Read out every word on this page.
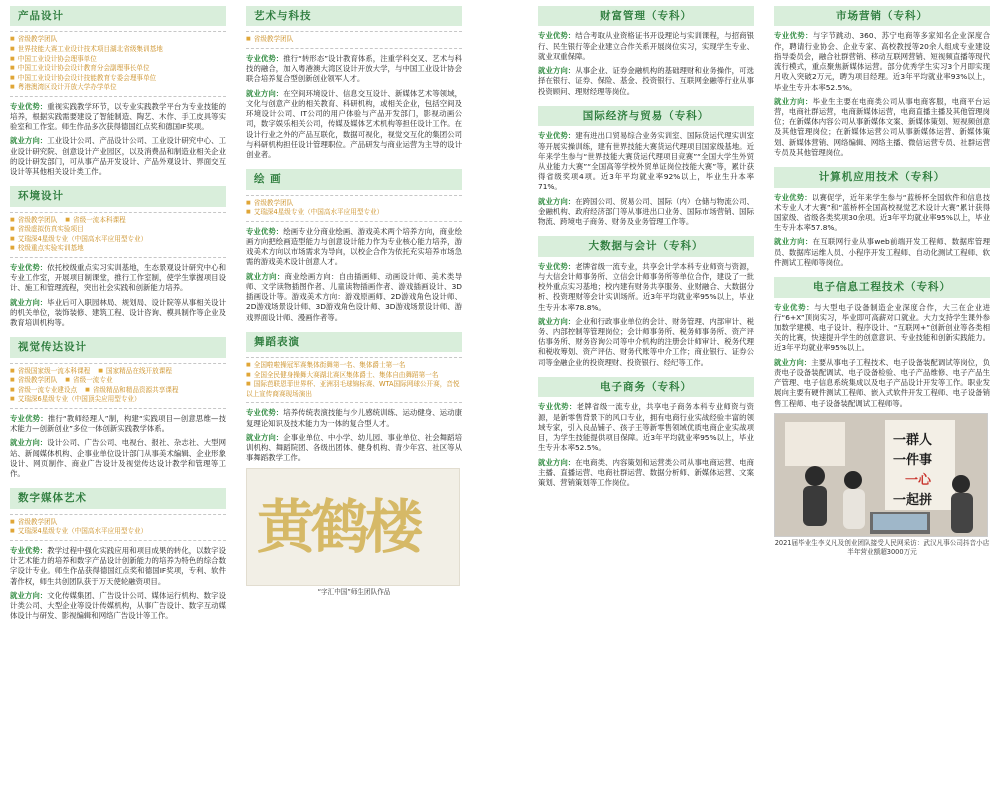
产品设计
■ 省级教学团队
■ 世界技能大赛工业设计技术项目湖北省级集训基地
■ 中国工业设计协会理事单位
■ 中国工业设计协会设计教育分会副理事长单位
■ 中国工业设计协会设计技能教育专委会理事单位
■ 粤港澳湾区设计开放大学办学单位

专业优势：重视实践教学环节，以专业实践教学平台为专业技能的培养，根据实践需要建设了智能制造、陶艺、木作、手工皮具等实验室和工作室。师生作品多次获得德国红点奖和德国IF奖项。

就业方向：工业设计公司、产品设计公司、工业设计研究中心、工业设计研究院、创意设计产业园区，以及消费品和制造业相关企业的设计研发部门，可从事产品开发设计、产品外观设计、界面交互设计等其他相关设计类工作。

环境设计
■ 省级教学团队	■ 省级一流本科课程
■ 省级虚拟仿真实验项目
■ 艾瑞深4星级专业（中国高水平应用型专业）
■ 校级重点实验实训基地

专业优势：依托校级重点实习实训基地，生态景观设计研究中心和专业工作室，开展项目制课堂，推行工作室制，使学生掌握项目设计、施工和管理流程，突出社会实践和创新能力培养。

就业方向：毕业后可入职园林局、规划局、设计院等从事相关设计的机关单位，装饰装修、建筑工程、设计咨询、模具制作等企业及教育培训机构等。

视觉传达设计
■ 省级国家级一流本科课程	■ 国家精品在线开放课程
■ 省级教学团队	■ 省级一流专业
■ 省级一流专业建设点	■ 省级精品和精品资源共享课程
■ 艾瑞深6星级专业（中国顶尖应用型专业）

专业优势：推行“教师经理人”制，构建“实践项目—创意思维—技术能力—创新创业”多位一体创新实践教学体系。

就业方向：设计公司、广告公司、电视台、报社、杂志社、大型网站、新闻媒体机构、企事业单位设计部门从事美术编辑、企业形象设计、网页制作、商业广告设计及视觉传达设计教学和管理等工作。

数字媒体艺术
■ 省级教学团队
■ 艾瑞深4星级专业（中国高水平应用型专业）

专业优势：教学过程中强化实践应用和项目成果的转化，以数字设计艺术能力的培养和数字产品设计创新能力的培养为特色的综合数字设计专业。师生作品获得德国红点奖和德国IF奖项，专利、软件著作权，师生共创团队获于万天使轮融资项目。

就业方向：文化传媒集团、广告设计公司、媒体运行机构、数字设计类公司、大型企业等设计传媒机构，从事广告设计、数字互动媒体设计与研发、影视编辑和网络广告设计等工作。

艺术与科技
■ 省级教学团队

专业优势：推行“转形态”设计教育体系，注重学科交叉、艺术与科技的融合，加入粤港澳大湾区设计开放大学，与中国工业设计协会联合培养复合型创新创业领军人才。

就业方向：在空间环境设计、信息交互设计、新媒体艺术等领域，文化与创意产业的相关教育、科研机构，或相关企业，包括空间及环境设计公司、IT公司的用户体验与产品开发部门，影视动画公司，数字娱乐相关公司，传媒及媒体艺术机构等担任设计工作。在设计行业之外的产品互联化，数据可视化，视觉交互化的集团公司与科研机构担任设计管理职位。产品研发与商业运营为主导的设计创业者。

绘 画
■ 省级教学团队
■ 艾瑞深4星级专业（中国高水平应用型专业）

专业优势：绘画专业分商业绘画、游戏美术两个培养方向，商业绘画方向把绘画造型能力与创意设计能力作为专业核心能力培养，游戏美术方向以市场需求为导向，以校企合作为依托充实培养市场急需的游戏美术设计创意人才。

就业方向：商业绘画方向：自由插画师、动画设计师、美术类导师、文学读物插图作者、儿童读物插画作者、游戏插画设计、3D插画设计等。游戏美术方向：游戏原画师、2D游戏角色设计师、2D游戏场景设计师、3D游戏角色设计师、3D游戏场景设计师、游戏界面设计师、漫画作者等。

舞蹈表演
■ 全国啦啦操冠军赛集体街舞第一名、集体爵士第一名
■ 全国全民健身操舞大赛湖北赛区集体爵士、集体自由舞蹈第一名
■ 国际芭联恩菲世界杯、亚洲羽毛球锦标赛、WTA国际网球公开赛，音悦以上宣传商赛现场演出

专业优势：培养传统表演技能与少儿感统训练、运动健身、运动康复理论知识及技术能力为一体的复合型人才。

就业方向：企事业单位、中小学、幼儿园、事业单位、社会舞蹈培训机构、舞蹈院团、各级出团体、健身机构、青少年宫、社区等从事舞蹈教学工作。

黄鹤楼
“字汇中国”师生团队作品
财富管理（专科）

专业优势：结合考取从业资格证书开设理论与实训课程，与招商银行、民生银行等企业建立合作关系开展岗位实习，实现学生专业、就业双重保障。

就业方向：从事企业、证券金融机构的基础理财和业务操作，可选择在银行、证券、保险、基金、投资银行、互联网金融等行业从事投资顾问、理财经理等岗位。

国际经济与贸易（专科）

专业优势：建有进出口贸易综合业务实训室、国际货运代理实训室等开展实操训练，建有世界技能大赛货运代理项目国家级基地。近年来学生参与“世界技能大赛货运代理项目竞赛”“全国大学生外贸从业能力大赛”“全国高等学校外贸单证岗位技能大赛”等，累计获得省级奖项4项。近3年平均就业率92%以上，毕业生升本率71%。

就业方向：在跨国公司、贸易公司、国际（内）仓储与物流公司、金融机构、政府经济部门等从事进出口业务、国际市场营销、国际物流、跨境电子商务、财务及业务管理工作等。

大数据与会计（专科）

专业优势：老牌省级一流专业，共享会计学本科专业师资与资源，与大信会计师事务所、立信会计师事务所等单位合作，建设了一批校外重点实习基地；校内建有财务共享服务、业财融合、大数据分析、投资理财等会计实训场所。近3年平均就业率95%以上，毕业生专升本率78.8%。

就业方向：企业和行政事业单位的会计、财务管理、内部审计、税务、内部控制等管理岗位；会计师事务所、税务师事务所、资产评估事务所、财务咨询公司等中介机构的注册会计师审计、税务代理和税收筹划、资产评估、财务代账等中介工作；商业银行、证券公司等金融企业的投资理财、投资银行、经纪等工作。

电子商务（专科）

专业优势：老牌省级一流专业，共享电子商务本科专业师资与资源，是新零售背景下的风口专业，拥有电商行业实战经验丰富的领域专家，引入良品铺子、孩子王等新零售领域优质电商企业实战项目，为学生技能提供项目保障。近3年平均就业率95%以上，毕业生专升本率52.5%。

就业方向：在电商类、内容策划和运营类公司从事电商运营、电商主播、直播运营、电商社群运营、数据分析师、新媒体运营、文案策划、营销策划等工作岗位。

市场营销（专科）

专业优势：与字节跳动、360、苏宁电商等多家知名企业深度合作，聘请行业协会、企业专家、高校教授等20余人组成专业建设指导委员会，融合社群营销、移动互联网营销、短视频直播等现代流行模式，重点聚焦新媒体运营。部分优秀学生实习3个月即实现月收入突破2万元，聘为项目经理。近3年平均就业率93%以上，毕业生专升本率52.5%。

就业方向：毕业生主要在电商类公司从事电商客服，电商平台运营，电商社群运营，电商新媒体运营，电商直播主播及其他管理岗位；在新媒体内容公司从事新媒体文案、新媒体策划、短视频创意及其他管理岗位；在新媒体运营公司从事新媒体运营、新媒体策划、新媒体营销、网络编辑、网络主播、微信运营专员、社群运营专员及其他管理岗位。

计算机应用技术（专科）

专业优势：以赛促学，近年来学生参与“蓝桥杯全国软件和信息技术专业人才大赛”和“蓝桥杯全国高校视觉艺术设计大赛”累计获得国家级、省级各类奖项30余项。近3年平均就业率95%以上，毕业生专升本率57.8%。

就业方向：在互联网行业从事web前端开发工程师、数据库管理员、数据库运维人员、小程序开发工程师、自动化测试工程师、软件测试工程师等岗位。

电子信息工程技术（专科）

专业优势：与大型电子设备制造企业深度合作，大三在企业进行“6+X”顶岗实习，毕业即可高薪对口就业。大力支持学生课外参加数学建模、电子设计、程序设计、“互联网+”创新创业等各类相关的比赛，快速提升学生的创意意识、专业技能和创新实践能力。近3年平均就业率95%以上。

就业方向：主要从事电子工程技术、电子设备装配调试等岗位，负责电子设备装配调试、电子设备检验、电子产品维修、电子产品生产管理、电子信息系统集成以及电子产品设计开发等工作。职业发展向主要有硬件测试工程师、嵌入式软件开发工程师、电子设备销售工程师、电子设备装配调试工程师等。

一群人
一件事
一心
一起拼
2021届毕业生李义凡及创业团队接受人民网采访：武汉凡事公司抖音小店半年营业额超3000万元
